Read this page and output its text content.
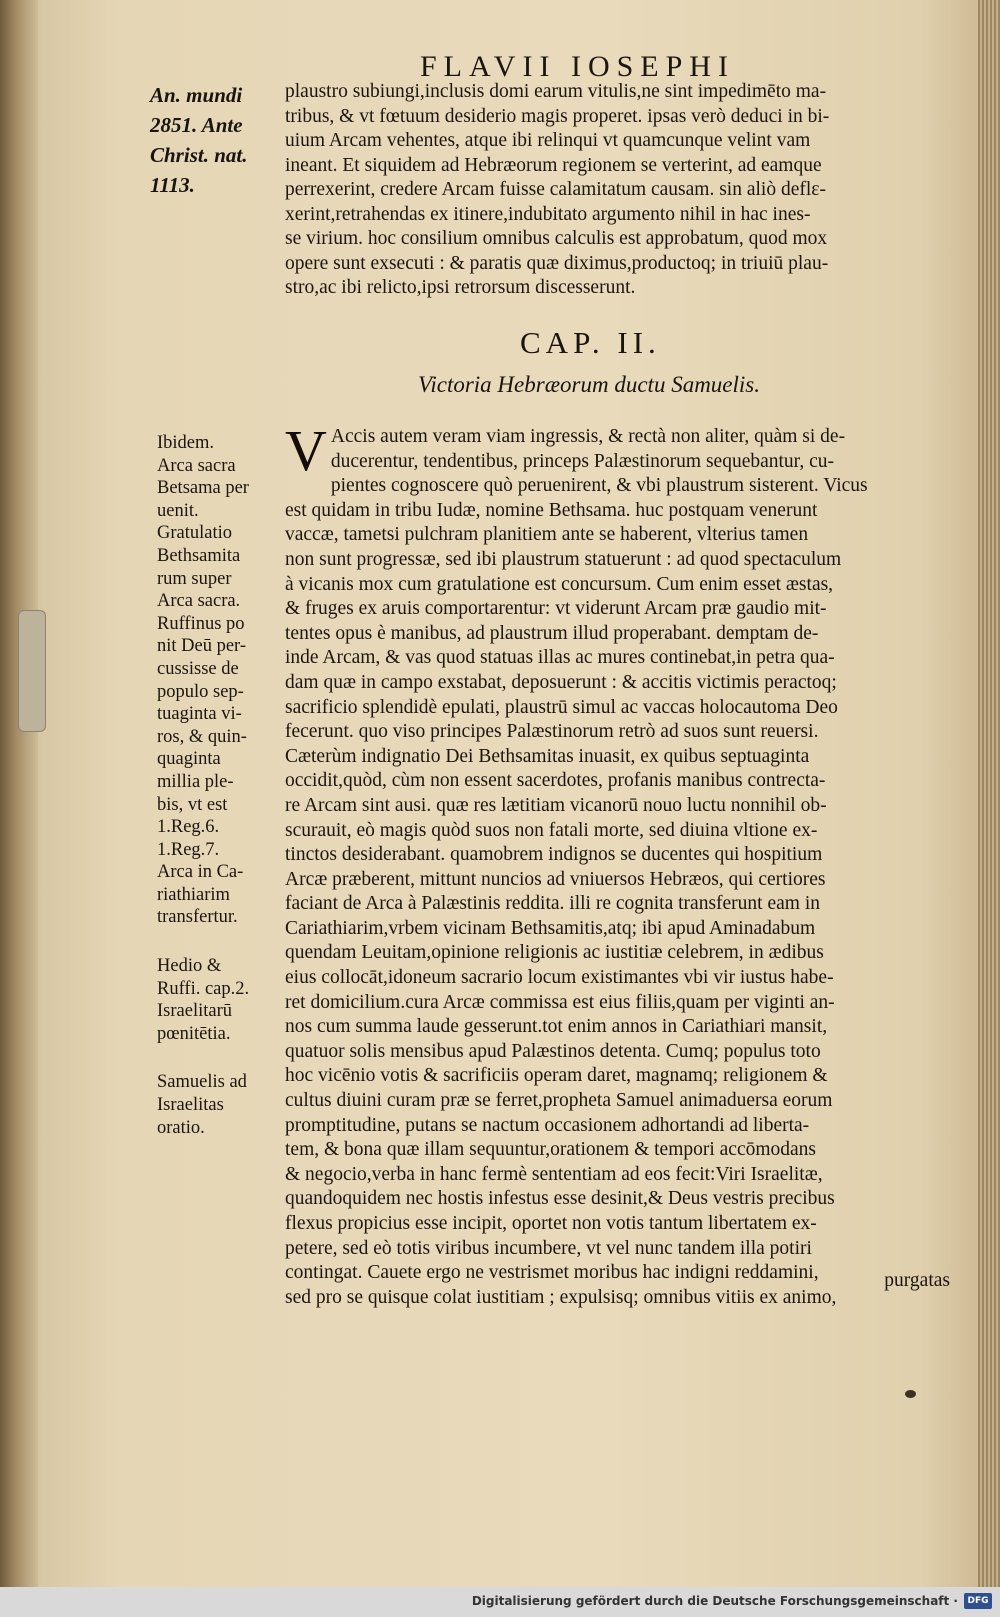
FLAVII IOSEPHI
An. mundi
2851. Ante
Christ. nat.
1113.
plaustro subiungi,inclusis domi earum vitulis,ne sint impedimēto ma-
tribus, & vt fœtuum desiderio magis properet. ipsas verò deduci in bi-
uium Arcam vehentes, atque ibi relinqui vt quamcunque velint vam
ineant. Et siquidem ad Hebræorum regionem se verterint, ad eamque
perrexerint, credere Arcam fuisse calamitatum causam. sin aliò deflε-
xerint,retrahendas ex itinere,indubitato argumento nihil in hac ines-
se virium. hoc consilium omnibus calculis est approbatum, quod mox
opere sunt exsecuti : & paratis quæ diximus,productoq; in triuiū plau-
stro,ac ibi relicto,ipsi retrorsum discesserunt.
CAP. II.
Victoria Hebræorum ductu Samuelis.
Ibidem.
Arca sacra
Betsama per
uenit.
Gratulatio
Bethsamita
rum super
Arca sacra.
Ruffinus po
nit Deū per-
cussisse de
populo sep-
tuaginta vi-
ros, & quin-
quaginta
millia ple-
bis, vt est
1.Reg.6.
1.Reg.7.
Arca in Ca-
riathiarim
transfertur.
Hedio &
Ruffi. cap.2.
Israelitarū
pœnitētia.
Samuelis ad
Israelitas
oratio.
V Accis autem veram viam ingressis, & rectà non aliter, quàm si de-
ducerentur, tendentibus, princeps Palæstinorum sequebantur, cu-
pientes cognoscere quò peruenirent, & vbi plaustrum sisterent. Vicus
est quidam in tribu Iudæ, nomine Bethsama. huc postquam venerunt
vaccæ, tametsi pulchram planitiem ante se haberent, vlterius tamen
non sunt progressæ, sed ibi plaustrum statuerunt : ad quod spectaculum
à vicanis mox cum gratulatione est concursum. Cum enim esset æstas,
& fruges ex aruis comportarentur: vt viderunt Arcam præ gaudio mit-
tentes opus è manibus, ad plaustrum illud properabant. demptam de-
inde Arcam, & vas quod statuas illas ac mures continebat,in petra qua-
dam quæ in campo exstabat, deposuerunt : & accitis victimis peractoq;
sacrificio splendidè epulati, plaustrū simul ac vaccas holocautoma Deo
fecerunt. quo viso principes Palæstinorum retrò ad suos sunt reuersi.
Cæterùm indignatio Dei Bethsamitas inuasit, ex quibus septuaginta
occidit,quòd, cùm non essent sacerdotes, profanis manibus contrecta-
re Arcam sint ausi. quæ res lætitiam vicanorū nouo luctu nonnihil ob-
scurauit, eò magis quòd suos non fatali morte, sed diuina vltione ex-
tinctos desiderabant. quamobrem indignos se ducentes qui hospitium
Arcæ præberent, mittunt nuncios ad vniuersos Hebræos, qui certiores
faciant de Arca à Palæstinis reddita. illi re cognita transferunt eam in
Cariathiarim,vrbem vicinam Bethsamitis,atq; ibi apud Aminadabum
quendam Leuitam,opinione religionis ac iustitiæ celebrem, in ædibus
eius collocāt,idoneum sacrario locum existimantes vbi vir iustus habe-
ret domicilium.cura Arcæ commissa est eius filiis,quam per viginti an-
nos cum summa laude gesserunt.tot enim annos in Cariathiari mansit,
quatuor solis mensibus apud Palæstinos detenta. Cumq; populus toto
hoc vicēnio votis & sacrificiis operam daret, magnamq; religionem &
cultus diuini curam præ se ferret,propheta Samuel animaduersa eorum
promptitudine, putans se nactum occasionem adhortandi ad liberta-
tem, & bona quæ illam sequuntur,orationem & tempori accōmodans
& negocio,verba in hanc fermè sententiam ad eos fecit:Viri Israelitæ,
quandoquidem nec hostis infestus esse desinit,& Deus vestris precibus
flexus propicius esse incipit, oportet non votis tantum libertatem ex-
petere, sed eò totis viribus incumbere, vt vel nunc tandem illa potiri
contingat. Cauete ergo ne vestrismet moribus hac indigni reddamini,
sed pro se quisque colat iustitiam ; expulsisq; omnibus vitiis ex animo,
purgatas
Digitalisierung gefördert durch die Deutsche Forschungsgemeinschaft ·	DFG
